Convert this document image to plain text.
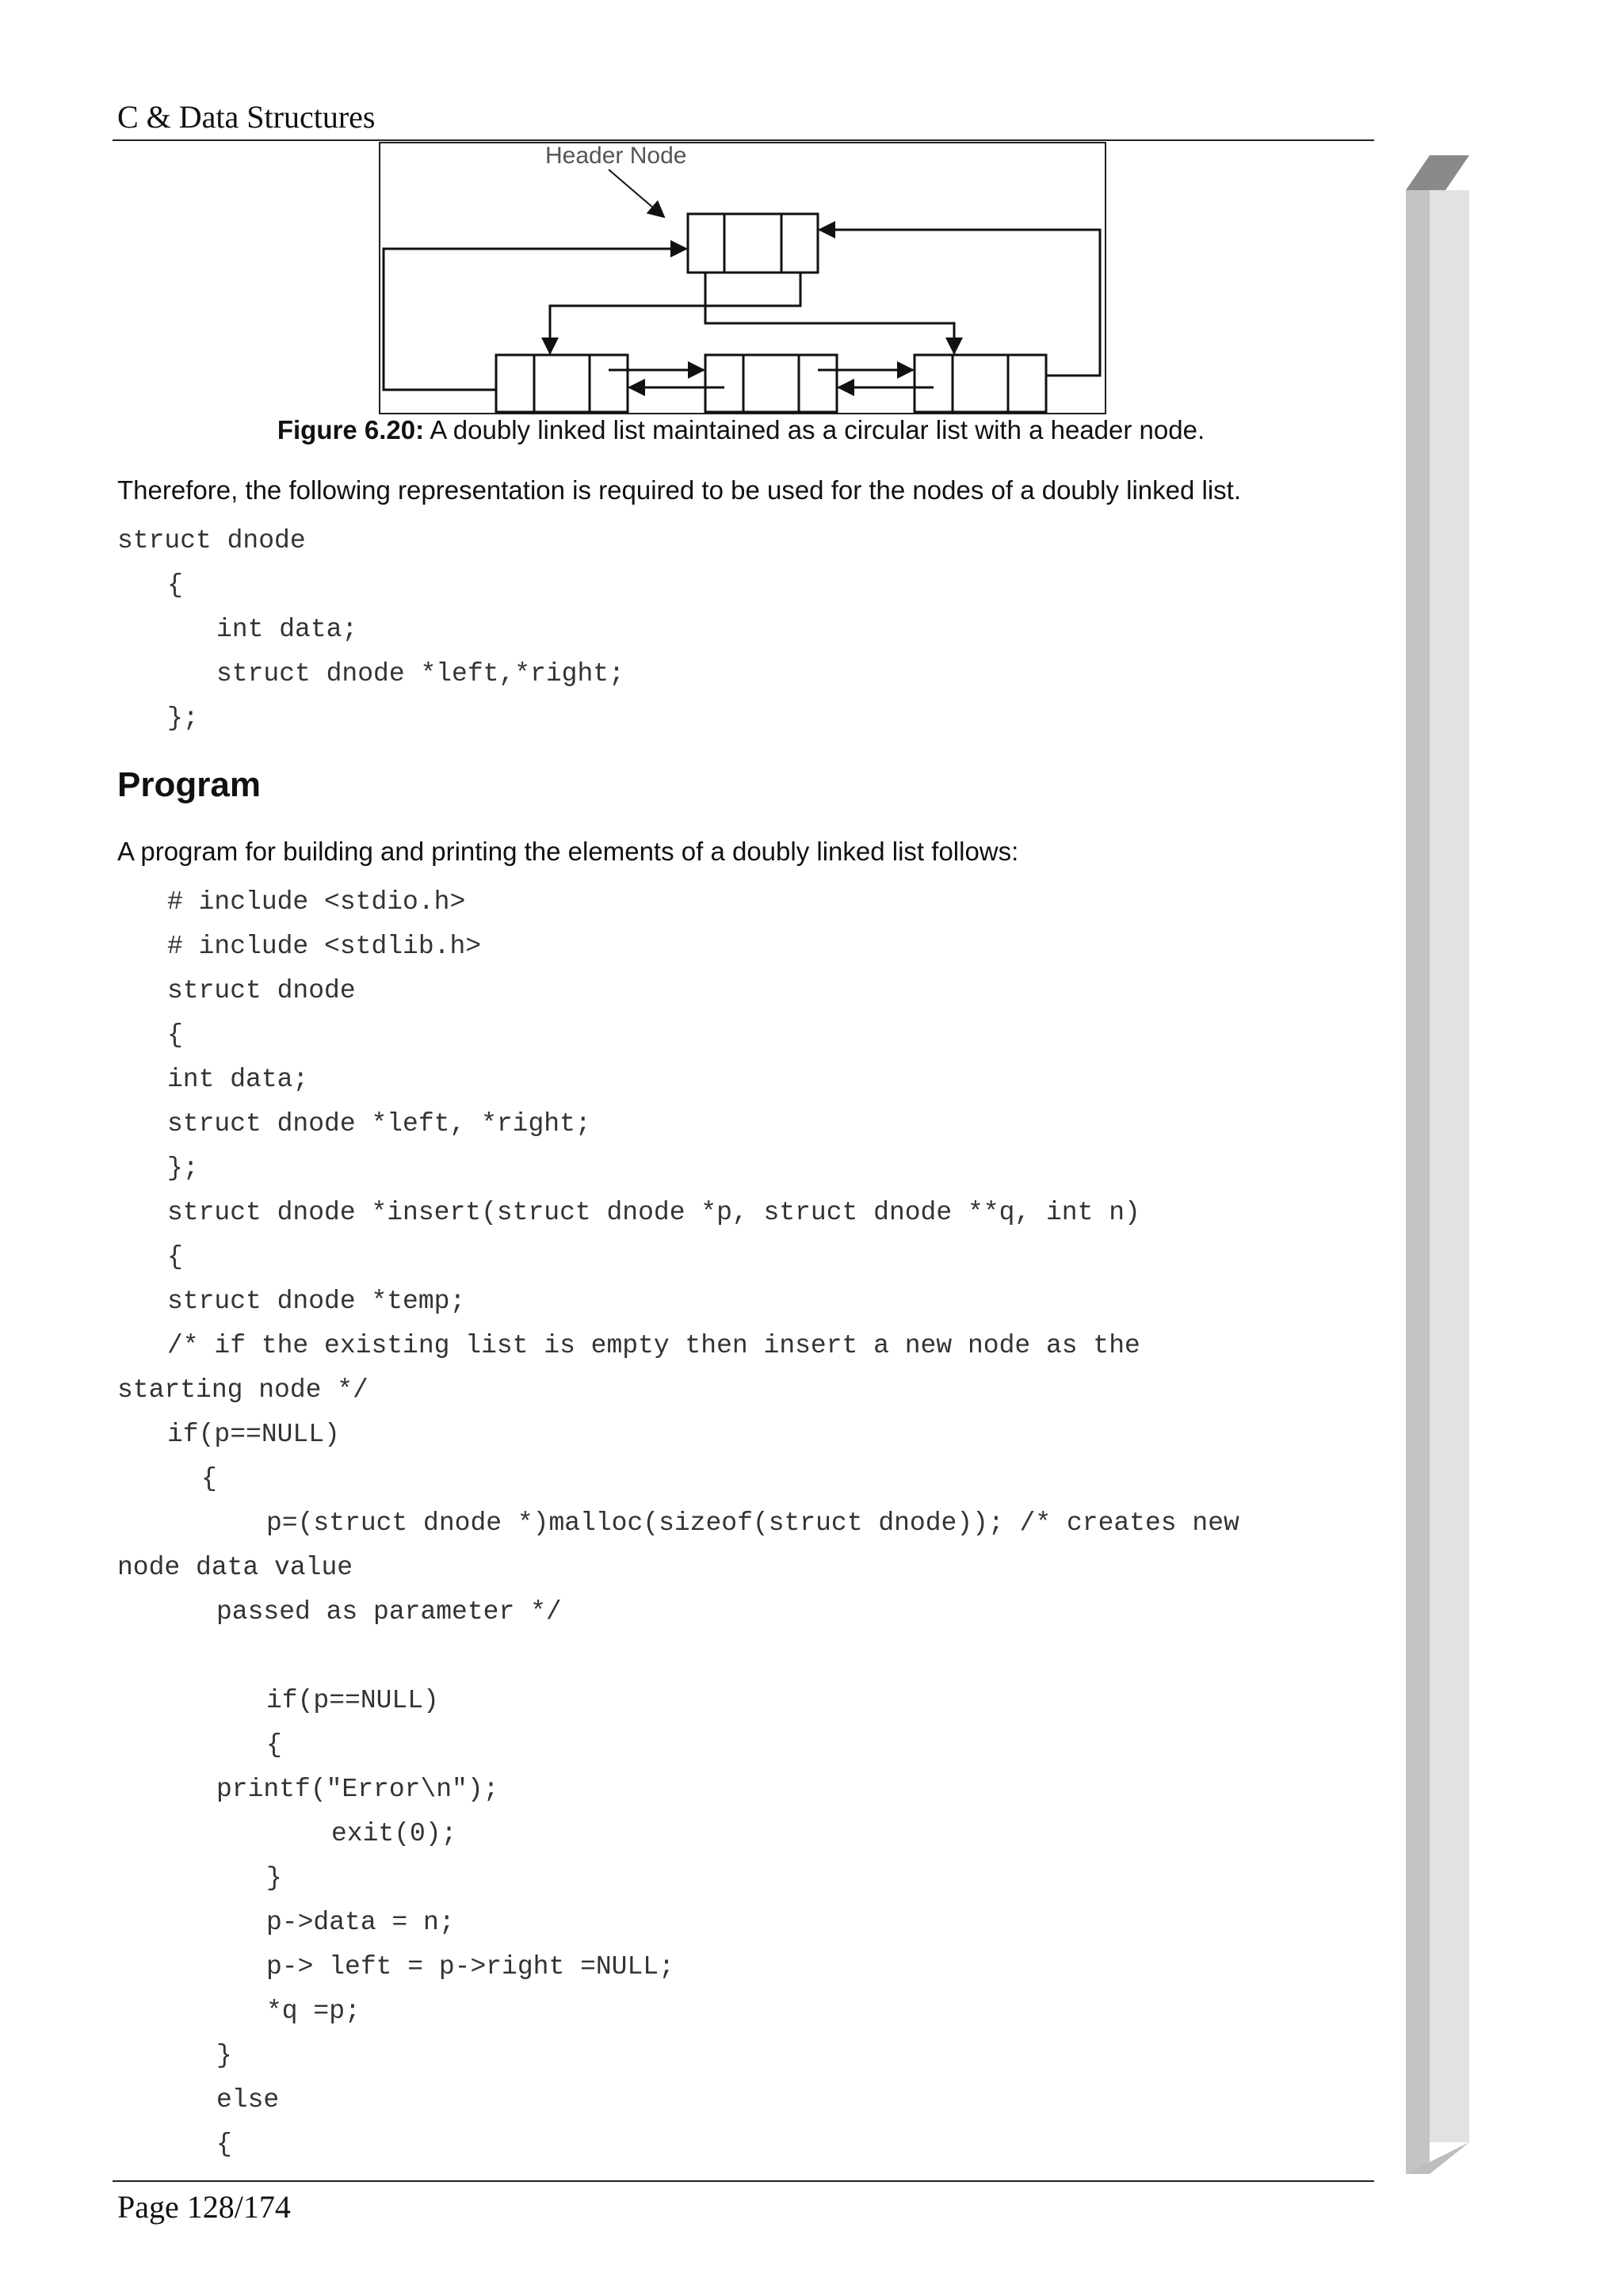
C & Data Structures
Header Node
Figure 6.20: A doubly linked list maintained as a circular list with a header node.
Therefore, the following representation is required to be used for the nodes of a doubly linked list.
struct dnode
{
int data;
struct dnode *left,*right;
};
Program
A program for building and printing the elements of a doubly linked list follows:
# include <stdio.h>
# include <stdlib.h>
struct dnode
{
int data;
struct dnode *left, *right;
};
struct dnode *insert(struct dnode *p, struct dnode **q, int n)
{
struct dnode *temp;
/* if the existing list is empty then insert a new node as the
starting node */
if(p==NULL)
{
p=(struct dnode *)malloc(sizeof(struct dnode)); /* creates new
node data value
passed as parameter */
if(p==NULL)
{
printf("Error\n");
exit(0);
}
p->data = n;
p-> left = p->right =NULL;
*q =p;
}
else
{
Page 128/174
